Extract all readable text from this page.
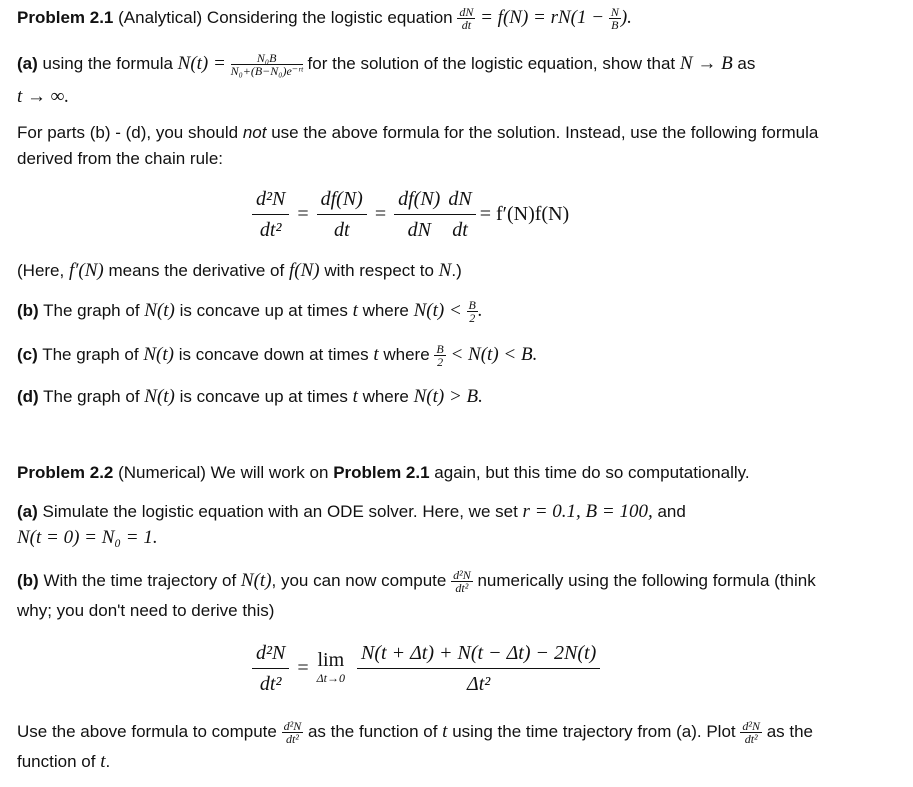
Problem 2.1 (Analytical) Considering the logistic equation $\frac{dN}{dt} = f(N) = rN(1 - \frac{N}{B}$ ).
(a) using the formula $N(t) = \frac{\text{N₀B}}{\text{N₀+(B−N₀)e⁻ʳᵗ}}$ for the solution of the logistic equation, show that N → B as
t → ∞.
For parts (b) - (d), you should not use the above formula for the solution. Instead, use the following formula
derived from the chain rule:
$\frac{\text{d²N}}{\text{dt²}} = \frac{df(N)}{dt} = \frac{df(N)}{dN} \frac{dN}{dt} = f'(N)f(N)$
(Here, f′(N) means the derivative of f(N) with respect to N.)
(b) The graph of N(t) is concave up at times t where $N(t) < \frac{B}{2}$ .
(c) The graph of N(t) is concave down at times t where $\frac{B}{2} < N(t) < B$.
(d) The graph of N(t) is concave up at times t where N(t) > B.
Problem 2.2 (Numerical) We will work on Problem 2.1 again, but this time do so computationally.
(a) Simulate the logistic equation with an ODE solver. Here, we set r = 0.1, B = 100, and
N(t = 0) = N₀ = 1.
(b) With the time trajectory of N(t), you can now compute $\frac{\text{d²N}}{\text{dt²}}$ numerically using the following formula (think
why; you don't need to derive this)
$\frac{\text{d²N}}{\text{dt²}} = \lim$
$\Delta t\to 0 \frac{N(t + \Delta t) + N(t - \Delta t) - 2N(t)}{\text{Δt²}}$
Use the above formula to compute $\frac{\text{d²N}}{\text{dt²}}$ as the function of t using the time trajectory from (a). Plot $\frac{\text{d²N}}{\text{dt²}}$ as the
function of t.
